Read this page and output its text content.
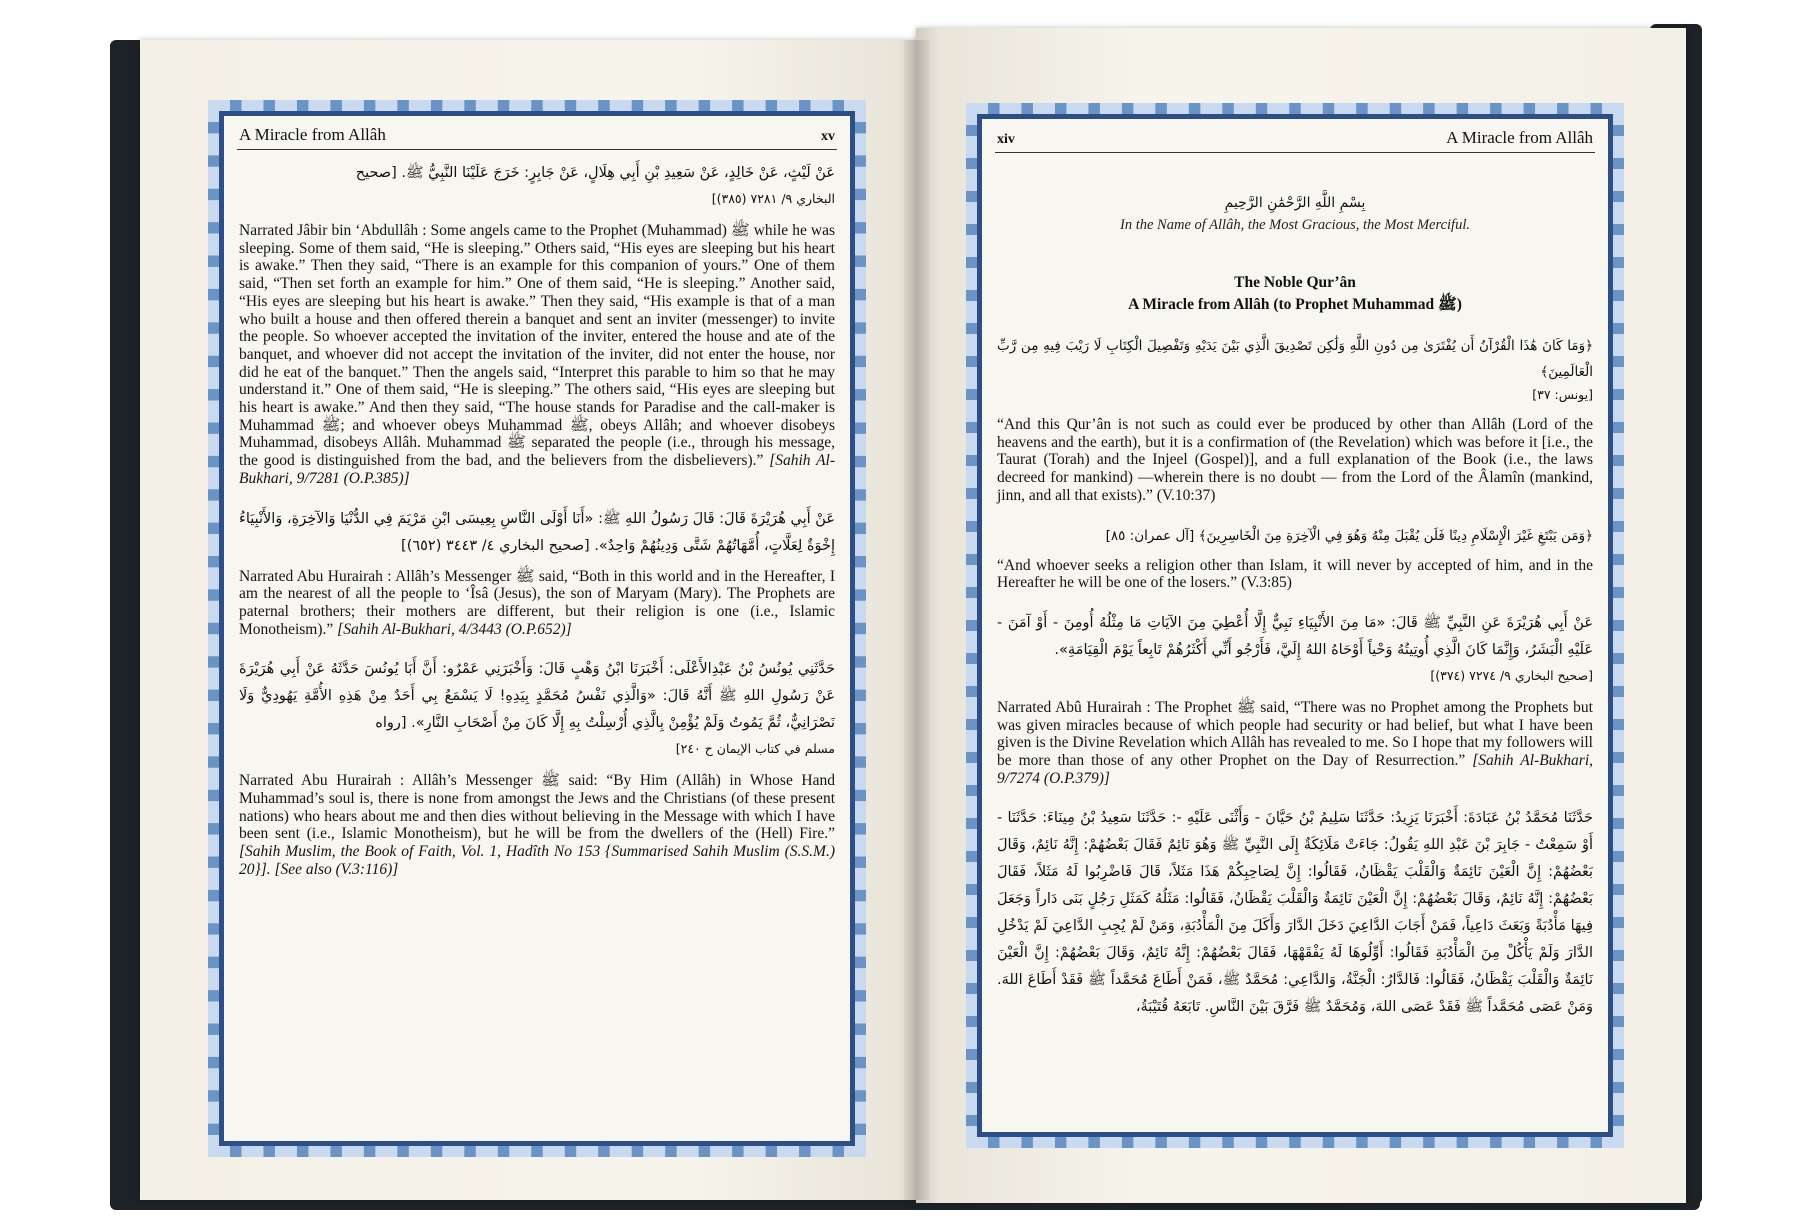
A Miracle from Allâh	xv
عَنْ لَيْثٍ، عَنْ خَالِدٍ، عَنْ سَعِيدِ بْنِ أَبِي هِلَالٍ، عَنْ جَابِرٍ: خَرَجَ عَلَيْنَا النَّبِيُّ ﷺ. [صحيح
البخاري ٩/ ٧٢٨١ (٣٨٥)]
Narrated Jâbir bin ‘Abdullâh : Some angels came to the Prophet (Muhammad) ﷺ while he was sleeping. Some of them said, “He is sleeping.” Others said, “His eyes are sleeping but his heart is awake.” Then they said, “There is an example for this companion of yours.” One of them said, “Then set forth an example for him.” One of them said, “He is sleeping.” Another said, “His eyes are sleeping but his heart is awake.” Then they said, “His example is that of a man who built a house and then offered therein a banquet and sent an inviter (messenger) to invite the people. So whoever accepted the invitation of the inviter, entered the house and ate of the banquet, and whoever did not accept the invitation of the inviter, did not enter the house, nor did he eat of the banquet.” Then the angels said, “Interpret this parable to him so that he may understand it.” One of them said, “He is sleeping.” The others said, “His eyes are sleeping but his heart is awake.” And then they said, “The house stands for Paradise and the call-maker is Muhammad ﷺ; and whoever obeys Muhammad ﷺ, obeys Allâh; and whoever disobeys Muhammad, disobeys Allâh. Muhammad ﷺ separated the people (i.e., through his message, the good is distinguished from the bad, and the believers from the disbelievers).” [Sahih Al-Bukhari, 9/7281 (O.P.385)]
عَنْ أَبِي هُرَيْرَةَ قَالَ: قَالَ رَسُولُ اللهِ ﷺ: «أَنَا أَوْلَى النَّاسِ بِعِيسَى ابْنِ مَرْيَمَ فِي الدُّنْيَا وَالآخِرَةِ، وَالأَنْبِيَاءُ إِخْوَةٌ لِعَلَّاتٍ، أُمَّهَاتُهُمْ شَتَّى وَدِينُهُمْ وَاحِدٌ». [صحيح البخاري ٤/ ٣٤٤٣ (٦٥٢)]
Narrated Abu Hurairah : Allâh’s Messenger ﷺ said, “Both in this world and in the Hereafter, I am the nearest of all the people to ‘Îsâ (Jesus), the son of Maryam (Mary). The Prophets are paternal brothers; their mothers are different, but their religion is one (i.e., Islamic Monotheism).” [Sahih Al-Bukhari, 4/3443 (O.P.652)]
حَدَّثَنِي يُونُسُ بْنُ عَبْدِالأَعْلَى: أَخْبَرَنَا ابْنُ وَهْبٍ قَالَ: وَأَخْبَرَنِي عَمْرٌو: أَنَّ أَبَا يُونُسَ حَدَّثَهُ عَنْ أَبِي هُرَيْرَةَ عَنْ رَسُولِ اللهِ ﷺ أَنَّهُ قَالَ: «وَالَّذِي نَفْسُ مُحَمَّدٍ بِيَدِهِ! لَا يَسْمَعُ بِي أَحَدٌ مِنْ هَذِهِ الأُمَّةِ يَهُودِيٌّ وَلَا نَصْرَانِيٌّ، ثُمَّ يَمُوتُ وَلَمْ يُؤْمِنْ بِالَّذِي أُرْسِلْتُ بِهِ إِلَّا كَانَ مِنْ أَصْحَابِ النَّارِ». [رواه
مسلم في كتاب الإيمان ح ٢٤٠]
Narrated Abu Hurairah : Allâh’s Messenger ﷺ said: “By Him (Allâh) in Whose Hand Muhammad’s soul is, there is none from amongst the Jews and the Christians (of these present nations) who hears about me and then dies without believing in the Message with which I have been sent (i.e., Islamic Monotheism), but he will be from the dwellers of the (Hell) Fire.” [Sahih Muslim, the Book of Faith, Vol. 1, Hadîth No 153 {Summarised Sahih Muslim (S.S.M.) 20}]. [See also (V.3:116)]
xiv	A Miracle from Allâh
بِسْمِ اللَّهِ الرَّحْمَٰنِ الرَّحِيمِ
In the Name of Allâh, the Most Gracious, the Most Merciful.
The Noble Qur’ân
A Miracle from Allâh (to Prophet Muhammad ﷺ)
﴿وَمَا كَانَ هَٰذَا الْقُرْآنُ أَن يُفْتَرَىٰ مِن دُونِ اللَّهِ وَلَٰكِن تَصْدِيقَ الَّذِي بَيْنَ يَدَيْهِ وَتَفْصِيلَ الْكِتَابِ لَا رَيْبَ فِيهِ مِن رَّبِّ الْعَالَمِينَ﴾
[يونس: ٣٧]
“And this Qur’ân is not such as could ever be produced by other than Allâh (Lord of the heavens and the earth), but it is a confirmation of (the Revelation) which was before it [i.e., the Taurat (Torah) and the Injeel (Gospel)], and a full explanation of the Book (i.e., the laws decreed for mankind) —wherein there is no doubt — from the Lord of the Âlamîn (mankind, jinn, and all that exists).” (V.10:37)
﴿وَمَن يَبْتَغِ غَيْرَ الْإِسْلَامِ دِينًا فَلَن يُقْبَلَ مِنْهُ وَهُوَ فِي الْآخِرَةِ مِنَ الْخَاسِرِينَ﴾ [آل عمران: ٨٥]
“And whoever seeks a religion other than Islam, it will never by accepted of him, and in the Hereafter he will be one of the losers.” (V.3:85)
عَنْ أَبِي هُرَيْرَةَ عَنِ النَّبِيِّ ﷺ قَالَ: «مَا مِنَ الأَنْبِيَاءِ نَبِيٌّ إِلَّا أُعْطِيَ مِنَ الآيَاتِ مَا مِثْلُهُ أُومِنَ - أَوْ آمَنَ - عَلَيْهِ الْبَشَرُ، وَإِنَّمَا كَانَ الَّذِي أُوتِيتُهُ وَحْياً أَوْحَاهُ اللهُ إِلَيَّ، فَأَرْجُو أَنِّي أَكْثَرُهُمْ تَابِعاً يَوْمَ الْقِيَامَةِ».
[صحيح البخاري ٩/ ٧٢٧٤ (٣٧٤)]
Narrated Abû Hurairah : The Prophet ﷺ said, “There was no Prophet among the Prophets but was given miracles because of which people had security or had belief, but what I have been given is the Divine Revelation which Allâh has revealed to me. So I hope that my followers will be more than those of any other Prophet on the Day of Resurrection.” [Sahih Al-Bukhari, 9/7274 (O.P.379)]
حَدَّثَنَا مُحَمَّدُ بْنُ عَبَادَةَ: أَخْبَرَنَا يَزِيدُ: حَدَّثَنَا سَلِيمُ بْنُ حَيَّانَ - وَأَثْنَى عَلَيْهِ -: حَدَّثَنَا سَعِيدُ بْنُ مِينَاءَ: حَدَّثَنَا - أَوْ سَمِعْتُ - جَابِرَ بْنَ عَبْدِ اللهِ يَقُولُ: جَاءَتْ مَلَائِكَةٌ إِلَى النَّبِيِّ ﷺ وَهُوَ نَائِمٌ فَقَالَ بَعْضُهُمْ: إِنَّهُ نَائِمٌ، وَقَالَ بَعْضُهُمْ: إِنَّ الْعَيْنَ نَائِمَةٌ وَالْقَلْبَ يَقْظَانُ، فَقَالُوا: إِنَّ لِصَاحِبِكُمْ هَذَا مَثَلاً، قَالَ فَاضْرِبُوا لَهُ مَثَلاً، فَقَالَ بَعْضُهُمْ: إِنَّهُ نَائِمٌ، وَقَالَ بَعْضُهُمْ: إِنَّ الْعَيْنَ نَائِمَةٌ وَالْقَلْبَ يَقْظَانُ، فَقَالُوا: مَثَلُهُ كَمَثَلِ رَجُلٍ بَنَى دَاراً وَجَعَلَ فِيهَا مَأْدُبَةً وَبَعَثَ دَاعِياً، فَمَنْ أَجَابَ الدَّاعِيَ دَخَلَ الدَّارَ وَأَكَلَ مِنَ الْمَأْدُبَةِ، وَمَنْ لَمْ يُجِبِ الدَّاعِيَ لَمْ يَدْخُلِ الدَّارَ وَلَمْ يَأْكُلْ مِنَ الْمَأْدُبَةِ فَقَالُوا: أَوِّلُوهَا لَهُ يَفْقَهْهَا، فَقَالَ بَعْضُهُمْ: إِنَّهُ نَائِمٌ، وَقَالَ بَعْضُهُمْ: إِنَّ الْعَيْنَ نَائِمَةٌ وَالْقَلْبَ يَقْظَانُ، فَقَالُوا: فَالدَّارُ: الْجَنَّةُ، وَالدَّاعِي: مُحَمَّدٌ ﷺ، فَمَنْ أَطَاعَ مُحَمَّداً ﷺ فَقَدْ أَطَاعَ اللهَ. وَمَنْ عَصَى مُحَمَّداً ﷺ فَقَدْ عَصَى اللهَ، وَمُحَمَّدٌ ﷺ فَرَّقَ بَيْنَ النَّاسِ. تَابَعَهُ قُتَيْبَةُ،
